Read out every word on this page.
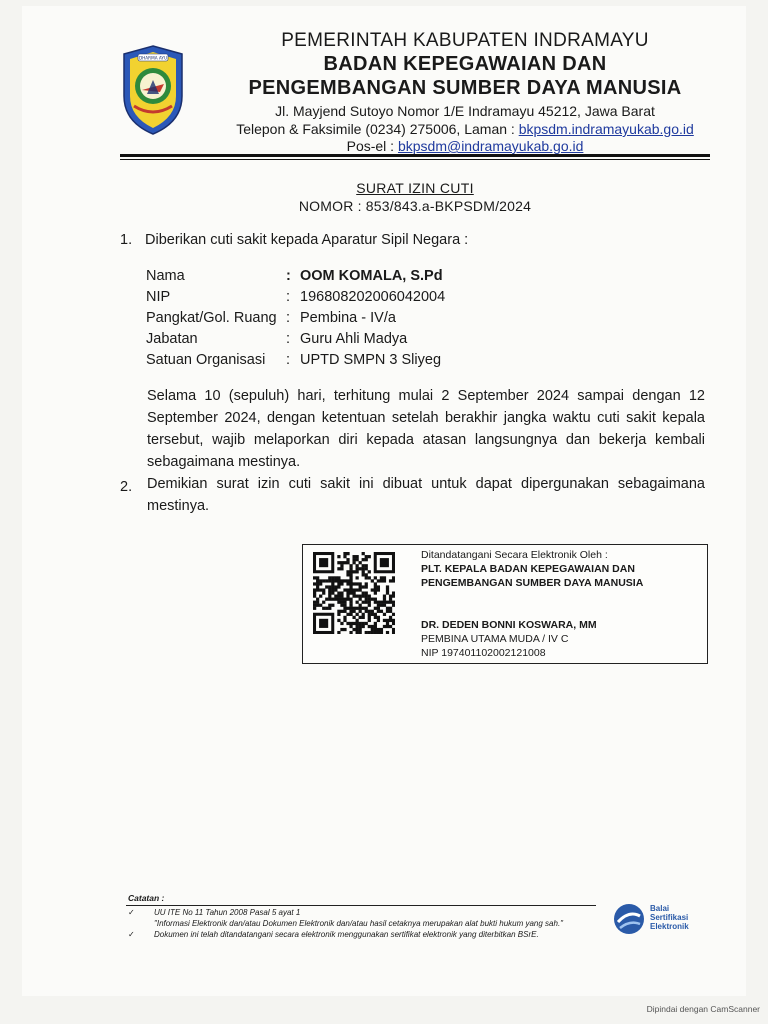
DHARMA AYU
PEMERINTAH KABUPATEN INDRAMAYU
BADAN KEPEGAWAIAN DAN
PENGEMBANGAN SUMBER DAYA MANUSIA
Jl. Mayjend Sutoyo Nomor 1/E Indramayu 45212, Jawa Barat
Telepon & Faksimile (0234) 275006, Laman : bkpsdm.indramayukab.go.id
Pos-el : bkpsdm@indramayukab.go.id
SURAT IZIN CUTI
NOMOR : 853/843.a-BKPSDM/2024
1. Diberikan cuti sakit kepada Aparatur Sipil Negara :
Nama	: OOM KOMALA, S.Pd
NIP	: 196808202006042004
Pangkat/Gol. Ruang : Pembina - IV/a
Jabatan	: Guru Ahli Madya
Satuan Organisasi	: UPTD SMPN 3 Sliyeg
Selama 10 (sepuluh) hari, terhitung mulai 2 September 2024 sampai dengan 12 September 2024, dengan ketentuan setelah berakhir jangka waktu cuti sakit kepala tersebut, wajib melaporkan diri kepada atasan langsungnya dan bekerja kembali sebagaimana mestinya.
2. Demikian surat izin cuti sakit ini dibuat untuk dapat dipergunakan sebagaimana mestinya.
Ditandatangani Secara Elektronik Oleh :
PLT. KEPALA BADAN KEPEGAWAIAN DAN
PENGEMBANGAN SUMBER DAYA MANUSIA
DR. DEDEN BONNI KOSWARA, MM
PEMBINA UTAMA MUDA / IV C
NIP 197401102002121008
Catatan :
✓	UU ITE No 11 Tahun 2008 Pasal 5 ayat 1
"Informasi Elektronik dan/atau Dokumen Elektronik dan/atau hasil cetaknya merupakan alat bukti hukum yang sah."
✓	Dokumen ini telah ditandatangani secara elektronik menggunakan sertifikat elektronik yang diterbitkan BSrE.
Balai
Sertifikasi
Elektronik
Dipindai dengan CamScanner
